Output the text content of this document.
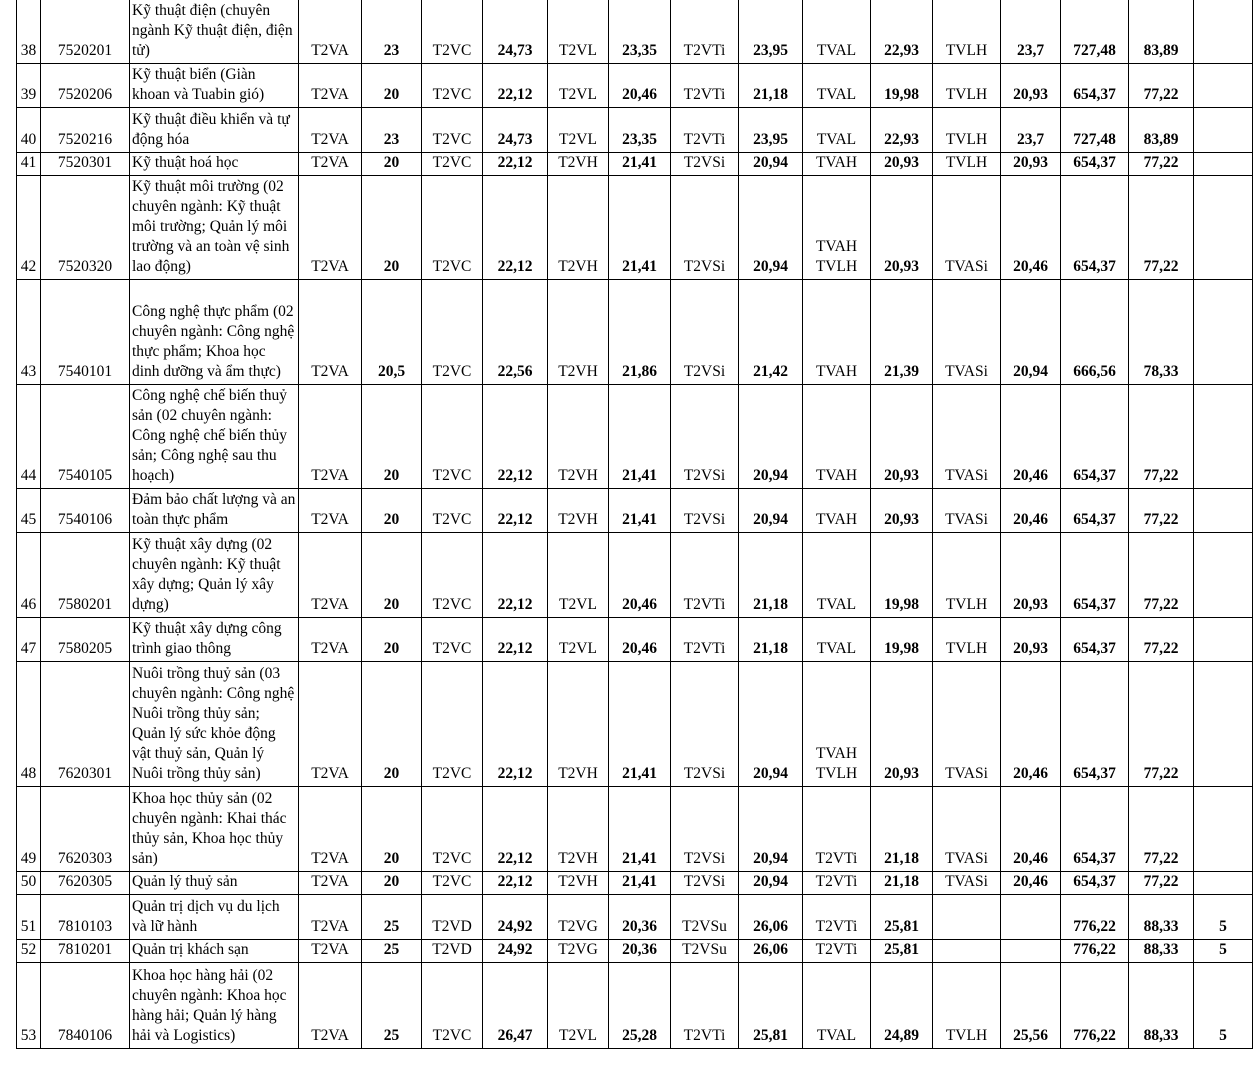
38	7520201	Kỹ thuật điện (chuyên ngành Kỹ thuật điện, điện tử)	T2VA	23	T2VC	24,73	T2VL	23,35	T2VTi	23,95	TVAL	22,93	TVLH	23,7	727,48	83,89	
39	7520206	Kỹ thuật biển (Giàn khoan và Tuabin gió)	T2VA	20	T2VC	22,12	T2VL	20,46	T2VTi	21,18	TVAL	19,98	TVLH	20,93	654,37	77,22	
40	7520216	Kỹ thuật điều khiển và tự động hóa	T2VA	23	T2VC	24,73	T2VL	23,35	T2VTi	23,95	TVAL	22,93	TVLH	23,7	727,48	83,89	
41	7520301	Kỹ thuật hoá học	T2VA	20	T2VC	22,12	T2VH	21,41	T2VSi	20,94	TVAH	20,93	TVLH	20,93	654,37	77,22	
42	7520320	Kỹ thuật môi trường (02 chuyên ngành: Kỹ thuật môi trường; Quản lý môi trường và an toàn vệ sinh lao động)	T2VA	20	T2VC	22,12	T2VH	21,41	T2VSi	20,94	TVAH TVLH	20,93	TVASi	20,46	654,37	77,22	
43	7540101	Công nghệ thực phẩm (02 chuyên ngành: Công nghệ thực phẩm; Khoa học dinh dưỡng và ẩm thực)	T2VA	20,5	T2VC	22,56	T2VH	21,86	T2VSi	21,42	TVAH	21,39	TVASi	20,94	666,56	78,33	
44	7540105	Công nghệ chế biến thuỷ sản (02 chuyên ngành: Công nghệ chế biến thủy sản; Công nghệ sau thu hoạch)	T2VA	20	T2VC	22,12	T2VH	21,41	T2VSi	20,94	TVAH	20,93	TVASi	20,46	654,37	77,22	
45	7540106	Đảm bảo chất lượng và an toàn thực phẩm	T2VA	20	T2VC	22,12	T2VH	21,41	T2VSi	20,94	TVAH	20,93	TVASi	20,46	654,37	77,22	
46	7580201	Kỹ thuật xây dựng (02 chuyên ngành: Kỹ thuật xây dựng; Quản lý xây dựng)	T2VA	20	T2VC	22,12	T2VL	20,46	T2VTi	21,18	TVAL	19,98	TVLH	20,93	654,37	77,22	
47	7580205	Kỹ thuật xây dựng công trình giao thông	T2VA	20	T2VC	22,12	T2VL	20,46	T2VTi	21,18	TVAL	19,98	TVLH	20,93	654,37	77,22	
48	7620301	Nuôi trồng thuỷ sản (03 chuyên ngành: Công nghệ Nuôi trồng thủy sản; Quản lý sức khỏe động vật thuỷ sản, Quản lý Nuôi trồng thủy sản)	T2VA	20	T2VC	22,12	T2VH	21,41	T2VSi	20,94	TVAH TVLH	20,93	TVASi	20,46	654,37	77,22	
49	7620303	Khoa học thủy sản (02 chuyên ngành: Khai thác thủy sản, Khoa học thủy sản)	T2VA	20	T2VC	22,12	T2VH	21,41	T2VSi	20,94	T2VTi	21,18	TVASi	20,46	654,37	77,22	
50	7620305	Quản lý thuỷ sản	T2VA	20	T2VC	22,12	T2VH	21,41	T2VSi	20,94	T2VTi	21,18	TVASi	20,46	654,37	77,22	
51	7810103	Quản trị dịch vụ du lịch và lữ hành	T2VA	25	T2VD	24,92	T2VG	20,36	T2VSu	26,06	T2VTi	25,81			776,22	88,33	5
52	7810201	Quản trị khách sạn	T2VA	25	T2VD	24,92	T2VG	20,36	T2VSu	26,06	T2VTi	25,81			776,22	88,33	5
53	7840106	Khoa học hàng hải (02 chuyên ngành: Khoa học hàng hải; Quản lý hàng hải và Logistics)	T2VA	25	T2VC	26,47	T2VL	25,28	T2VTi	25,81	TVAL	24,89	TVLH	25,56	776,22	88,33	5
